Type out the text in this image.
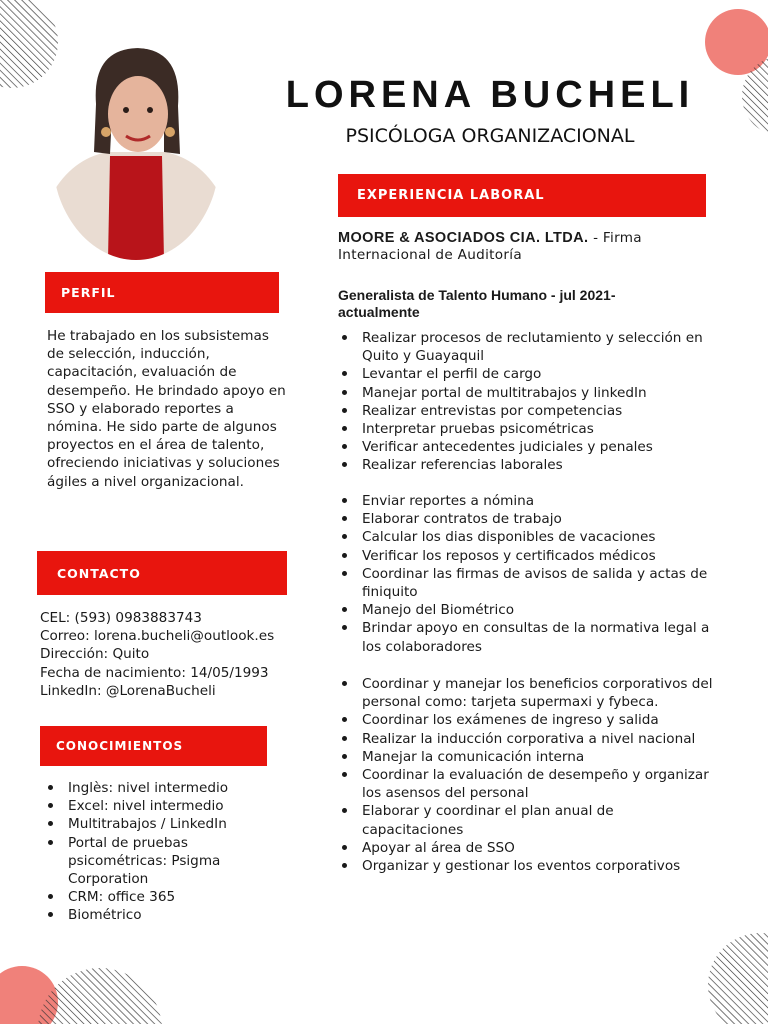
LORENA BUCHELI
PSICÓLOGA ORGANIZACIONAL
PERFIL
He trabajado en los subsistemas de selección, inducción, capacitación, evaluación de desempeño. He brindado apoyo en SSO y elaborado reportes a nómina. He sido parte de algunos proyectos en el área de talento, ofreciendo iniciativas y soluciones ágiles a nivel organizacional.
CONTACTO
CEL: (593) 0983883743
Correo: lorena.bucheli@outlook.es
Dirección: Quito
Fecha de nacimiento: 14/05/1993
LinkedIn: @LorenaBucheli
CONOCIMIENTOS
Inglès: nivel intermedio
Excel: nivel intermedio
Multitrabajos / LinkedIn
Portal de pruebas psicométricas: Psigma Corporation
CRM: office 365
Biométrico
EXPERIENCIA LABORAL
MOORE & ASOCIADOS CIA. LTDA. - Firma Internacional de Auditoría
Generalista de Talento Humano - jul 2021- actualmente
Realizar procesos de reclutamiento y selección en Quito y Guayaquil
Levantar el perfil de cargo
Manejar portal de multitrabajos y linkedIn
Realizar entrevistas por competencias
Interpretar pruebas psicométricas
Verificar antecedentes judiciales y penales
Realizar referencias laborales
Enviar reportes a nómina
Elaborar contratos de trabajo
Calcular los dias disponibles de vacaciones
Verificar los reposos y certificados médicos
Coordinar las firmas de avisos de salida y actas de finiquito
Manejo del Biométrico
Brindar apoyo en consultas de la normativa legal a los colaboradores
Coordinar y manejar los beneficios corporativos del personal como: tarjeta supermaxi y fybeca.
Coordinar los exámenes de ingreso y salida
Realizar la inducción corporativa a nivel nacional
Manejar la comunicación interna
Coordinar la evaluación de desempeño y organizar los asensos del personal
Elaborar y coordinar el plan anual de capacitaciones
Apoyar al área de SSO
Organizar y gestionar los eventos corporativos
